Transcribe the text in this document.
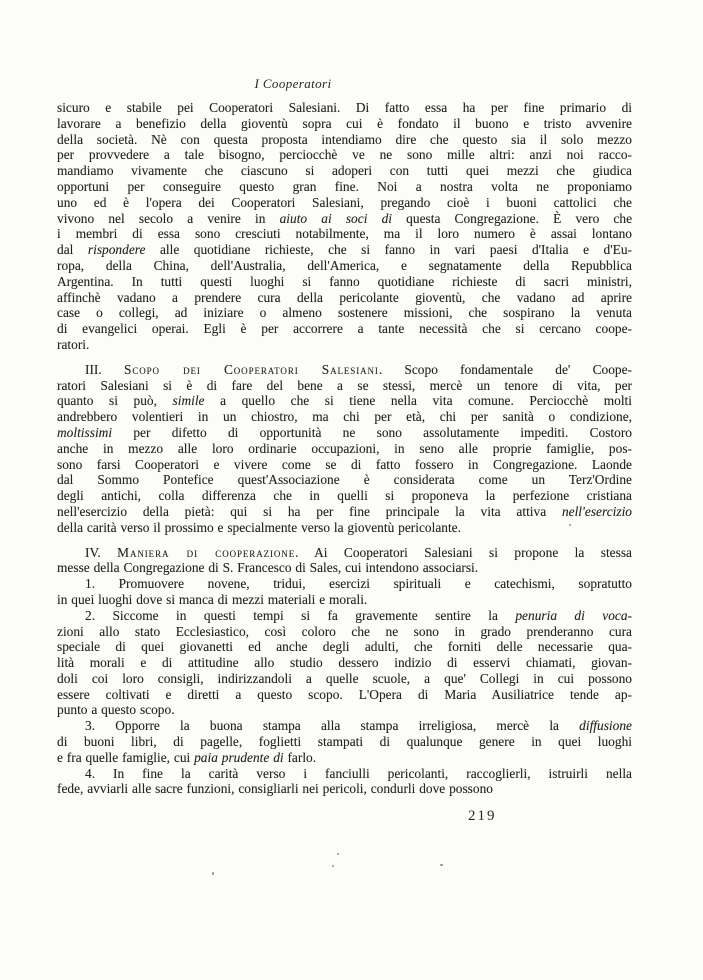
I Cooperatori
sicuro e stabile pei Cooperatori Salesiani. Di fatto essa ha per fine primario di
lavorare a benefizio della gioventù sopra cui è fondato il buono e tristo avvenire
della società. Nè con questa proposta intendiamo dire che questo sia il solo mezzo
per provvedere a tale bisogno, perciocchè ve ne sono mille altri: anzi noi racco-
mandiamo vivamente che ciascuno si adoperi con tutti quei mezzi che giudica
opportuni per conseguire questo gran fine. Noi a nostra volta ne proponiamo
uno ed è l'opera dei Cooperatori Salesiani, pregando cioè i buoni cattolici che
vivono nel secolo a venire in aiuto ai soci di questa Congregazione. È vero che
i membri di essa sono cresciuti notabilmente, ma il loro numero è assai lontano
dal rispondere alle quotidiane richieste, che si fanno in vari paesi d'Italia e d'Eu-
ropa, della China, dell'Australia, dell'America, e segnatamente della Repubblica
Argentina. In tutti questi luoghi si fanno quotidiane richieste di sacri ministri,
affinchè vadano a prendere cura della pericolante gioventù, che vadano ad aprire
case o collegi, ad iniziare o almeno sostenere missioni, che sospirano la venuta
di evangelici operai. Egli è per accorrere a tante necessità che si cercano coope-
ratori.
III. Scopo dei Cooperatori Salesiani. Scopo fondamentale de' Coope-
ratori Salesiani si è di fare del bene a se stessi, mercè un tenore di vita, per
quanto si può, simile a quello che si tiene nella vita comune. Perciocchè molti
andrebbero volentieri in un chiostro, ma chi per età, chi per sanità o condizione,
moltissimi per difetto di opportunità ne sono assolutamente impediti. Costoro
anche in mezzo alle loro ordinarie occupazioni, in seno alle proprie famiglie, pos-
sono farsi Cooperatori e vivere come se di fatto fossero in Congregazione. Laonde
dal Sommo Pontefice quest'Associazione è considerata come un Terz'Ordine
degli antichi, colla differenza che in quelli si proponeva la perfezione cristiana
nell'esercizio della pietà: qui si ha per fine principale la vita attiva nell'esercizio
della carità verso il prossimo e specialmente verso la gioventù pericolante.
IV. Maniera di cooperazione. Ai Cooperatori Salesiani si propone la stessa
messe della Congregazione di S. Francesco di Sales, cui intendono associarsi.
1. Promuovere novene, tridui, esercizi spirituali e catechismi, sopratutto
in quei luoghi dove si manca di mezzi materiali e morali.
2. Siccome in questi tempi si fa gravemente sentire la penuria di voca-
zioni allo stato Ecclesiastico, così coloro che ne sono in grado prenderanno cura
speciale di quei giovanetti ed anche degli adulti, che forniti delle necessarie qua-
lità morali e di attitudine allo studio dessero indizio di esservi chiamati, giovan-
doli coi loro consigli, indirizzandoli a quelle scuole, a que' Collegi in cui possono
essere coltivati e diretti a questo scopo. L'Opera di Maria Ausiliatrice tende ap-
punto a questo scopo.
3. Opporre la buona stampa alla stampa irreligiosa, mercè la diffusione
di buoni libri, di pagelle, foglietti stampati di qualunque genere in quei luoghi
e fra quelle famiglie, cui paia prudente di farlo.
4. In fine la carità verso i fanciulli pericolanti, raccoglierli, istruirli nella
fede, avviarli alle sacre funzioni, consigliarli nei pericoli, condurli dove possono
219
